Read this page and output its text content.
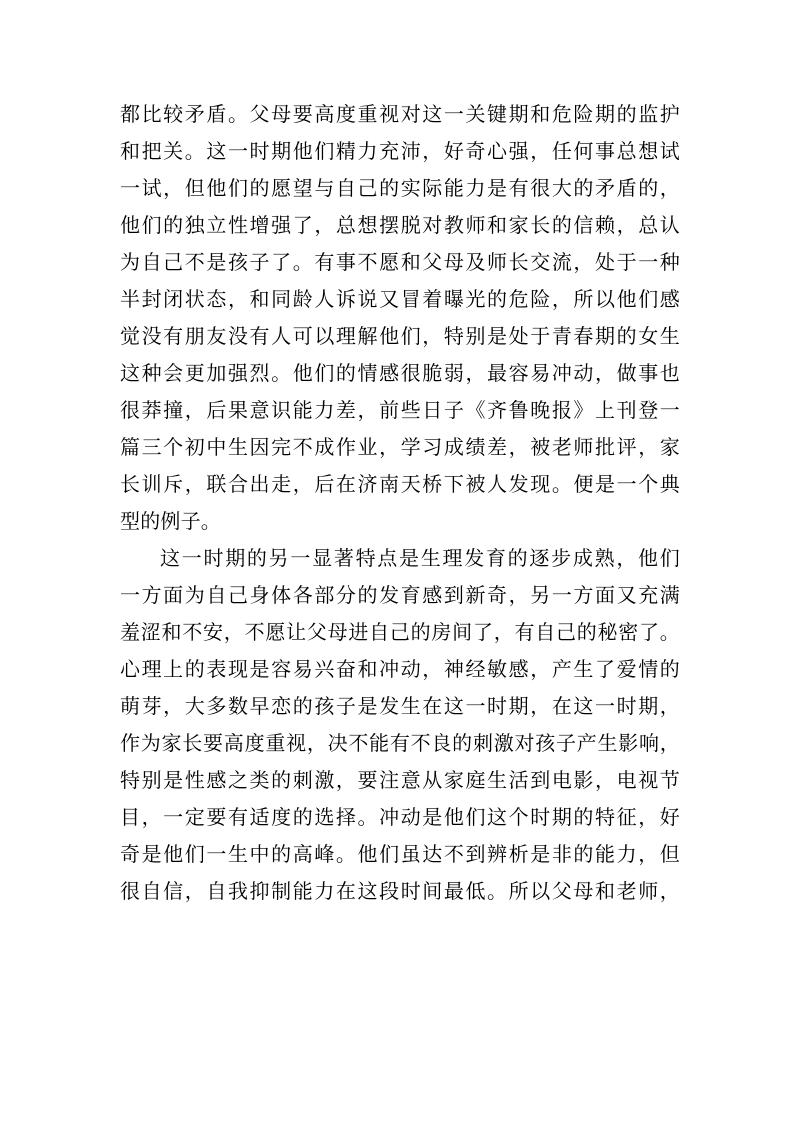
都比较矛盾。父母要高度重视对这一关键期和危险期的监护
和把关。这一时期他们精力充沛，好奇心强，任何事总想试
一试，但他们的愿望与自己的实际能力是有很大的矛盾的，
他们的独立性增强了，总想摆脱对教师和家长的信赖，总认
为自己不是孩子了。有事不愿和父母及师长交流，处于一种
半封闭状态，和同龄人诉说又冒着曝光的危险，所以他们感
觉没有朋友没有人可以理解他们，特别是处于青春期的女生
这种会更加强烈。他们的情感很脆弱，最容易冲动，做事也
很莽撞，后果意识能力差，前些日子《齐鲁晚报》上刊登一
篇三个初中生因完不成作业，学习成绩差，被老师批评，家
长训斥，联合出走，后在济南天桥下被人发现。便是一个典
型的例子。
这一时期的另一显著特点是生理发育的逐步成熟，他们
一方面为自己身体各部分的发育感到新奇，另一方面又充满
羞涩和不安，不愿让父母进自己的房间了，有自己的秘密了。
心理上的表现是容易兴奋和冲动，神经敏感，产生了爱情的
萌芽，大多数早恋的孩子是发生在这一时期，在这一时期，
作为家长要高度重视，决不能有不良的刺激对孩子产生影响，
特别是性感之类的刺激，要注意从家庭生活到电影，电视节
目，一定要有适度的选择。冲动是他们这个时期的特征，好
奇是他们一生中的高峰。他们虽达不到辨析是非的能力，但
很自信，自我抑制能力在这段时间最低。所以父母和老师，
